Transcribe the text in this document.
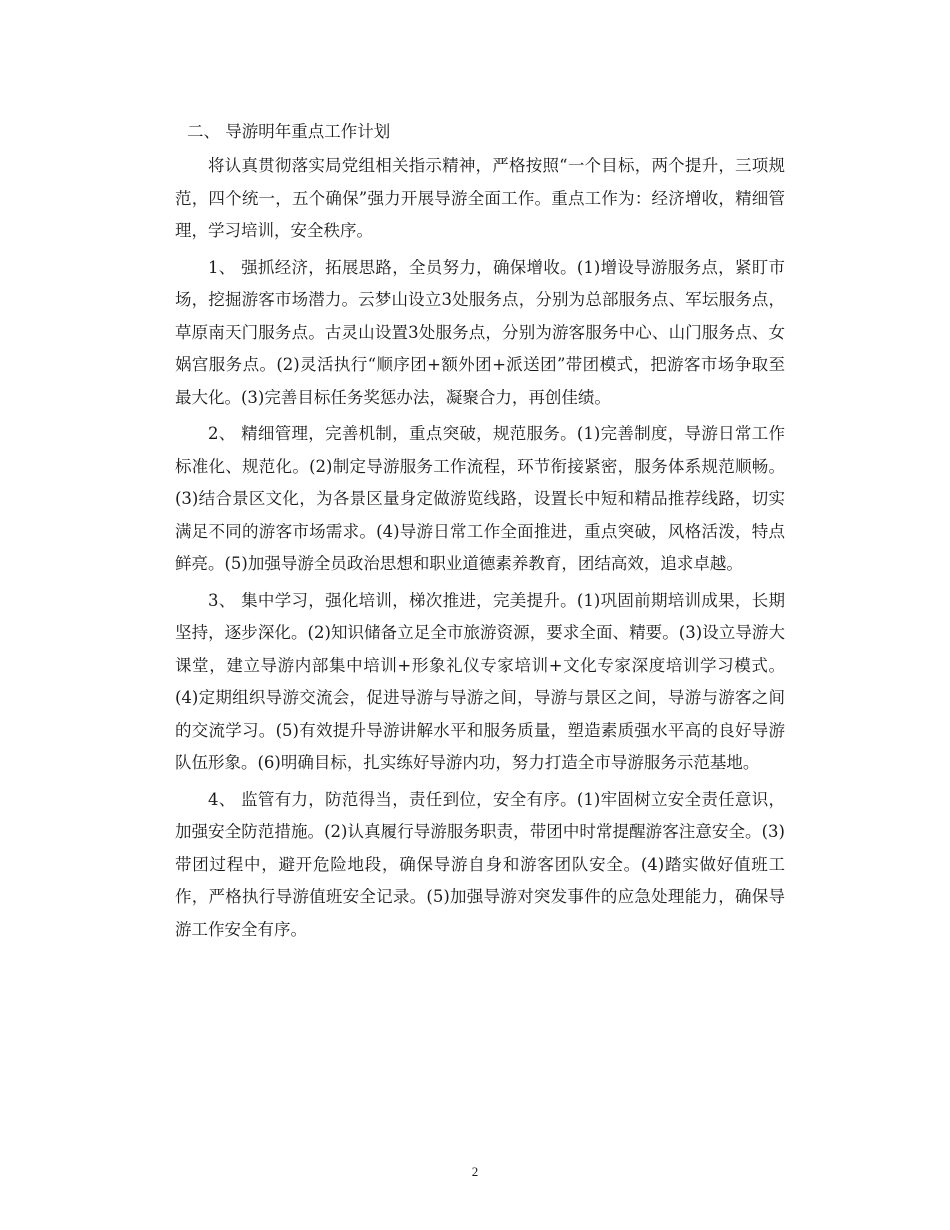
二、 导游明年重点工作计划

将认真贯彻落实局党组相关指示精神，严格按照“一个目标，两个提升，三项规范，四个统一，五个确保”强力开展导游全面工作。重点工作为：经济增收，精细管理，学习培训，安全秩序。

1、 强抓经济，拓展思路，全员努力，确保增收。(1)增设导游服务点，紧盯市场，挖掘游客市场潜力。云梦山设立3处服务点，分别为总部服务点、军坛服务点，草原南天门服务点。古灵山设置3处服务点，分别为游客服务中心、山门服务点、女娲宫服务点。(2)灵活执行“顺序团+额外团+派送团”带团模式，把游客市场争取至最大化。(3)完善目标任务奖惩办法，凝聚合力，再创佳绩。

2、 精细管理，完善机制，重点突破，规范服务。(1)完善制度，导游日常工作标准化、规范化。(2)制定导游服务工作流程，环节衔接紧密，服务体系规范顺畅。(3)结合景区文化，为各景区量身定做游览线路，设置长中短和精品推荐线路，切实满足不同的游客市场需求。(4)导游日常工作全面推进，重点突破，风格活泼，特点鲜亮。(5)加强导游全员政治思想和职业道德素养教育，团结高效，追求卓越。

3、 集中学习，强化培训，梯次推进，完美提升。(1)巩固前期培训成果，长期坚持，逐步深化。(2)知识储备立足全市旅游资源，要求全面、精要。(3)设立导游大课堂，建立导游内部集中培训+形象礼仪专家培训+文化专家深度培训学习模式。(4)定期组织导游交流会，促进导游与导游之间，导游与景区之间，导游与游客之间的交流学习。(5)有效提升导游讲解水平和服务质量，塑造素质强水平高的良好导游队伍形象。(6)明确目标，扎实练好导游内功，努力打造全市导游服务示范基地。

4、 监管有力，防范得当，责任到位，安全有序。(1)牢固树立安全责任意识，加强安全防范措施。(2)认真履行导游服务职责，带团中时常提醒游客注意安全。(3)带团过程中，避开危险地段，确保导游自身和游客团队安全。(4)踏实做好值班工作，严格执行导游值班安全记录。(5)加强导游对突发事件的应急处理能力，确保导游工作安全有序。

2
